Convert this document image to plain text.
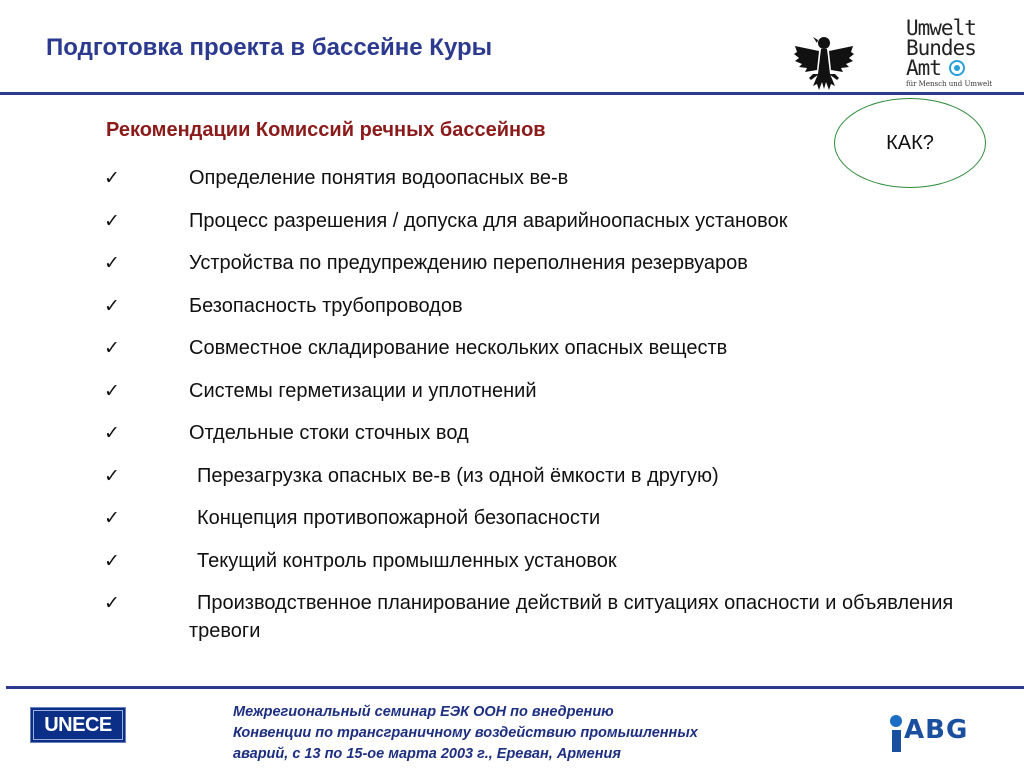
Подготовка проекта в бассейне Куры
Umwelt
Bundes
Amt
für Mensch und Umwelt
Рекомендации Комиссий речных бассейнов
КАК?
✓	Определение понятия водоопасных ве-в
✓	Процесс разрешения / допуска для аварийноопасных установок
✓	Устройства по предупреждению переполнения резервуаров
✓	Безопасность трубопроводов
✓	Совместное складирование нескольких опасных веществ
✓	Системы герметизации и уплотнений
✓	Отдельные стоки сточных вод
✓	Перезагрузка опасных ве-в (из одной ёмкости в другую)
✓	Концепция противопожарной безопасности
✓	Текущий контроль промышленных установок
✓	Производственное планирование действий в ситуациях опасности и объявления тревоги
UNECE
Межрегиональный семинар ЕЭК ООН по внедрению
Конвенции по трансграничному воздействию промышленных
аварий, с 13 по 15-ое марта 2003 г., Ереван, Армения
ABG
